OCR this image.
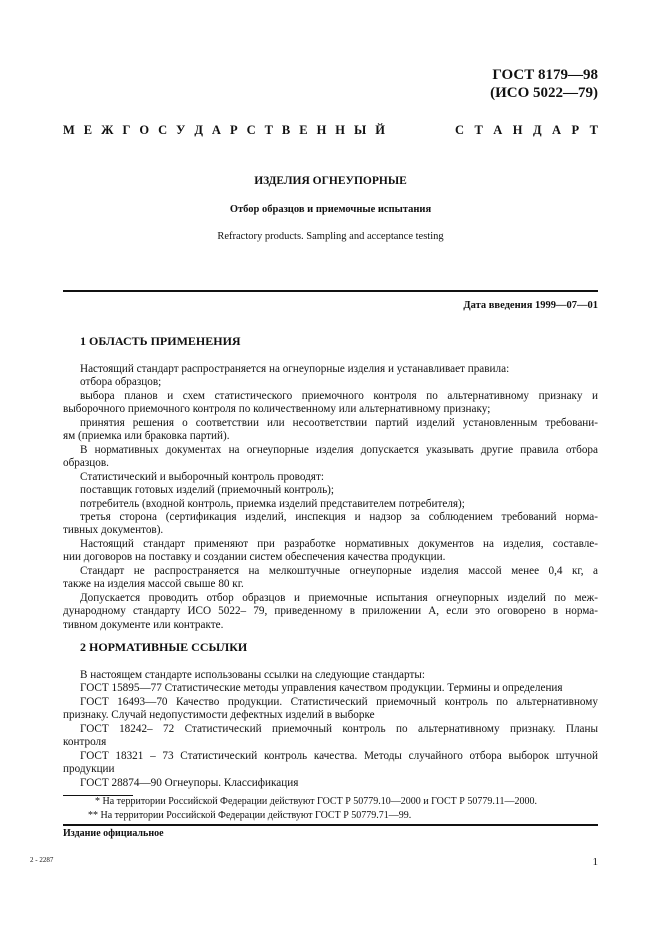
ГОСТ 8179—98
(ИСО 5022—79)
М Е Ж Г О С У Д А Р С Т В Е Н Н Ы Й	С Т А Н Д А Р Т
ИЗДЕЛИЯ ОГНЕУПОРНЫЕ
Отбор образцов и приемочные испытания
Refractory products. Sampling and acceptance testing
Дата введения 1999—07—01
1 ОБЛАСТЬ ПРИМЕНЕНИЯ
Настоящий стандарт распространяется на огнеупорные изделия и устанавливает правила:
отбора образцов;
выбора планов и схем статистического приемочного контроля по альтернативному признаку и
выборочного приемочного контроля по количественному или альтернативному признаку;
принятия решения о соответствии или несоответствии партий изделий установленным требовани-
ям (приемка или браковка партий).
В нормативных документах на огнеупорные изделия допускается указывать другие правила отбора
образцов.
Статистический и выборочный контроль проводят:
поставщик готовых изделий (приемочный контроль);
потребитель (входной контроль, приемка изделий представителем потребителя);
третья сторона (сертификация изделий, инспекция и надзор за соблюдением требований норма-
тивных документов).
Настоящий стандарт применяют при разработке нормативных документов на изделия, составле-
нии договоров на поставку и создании систем обеспечения качества продукции.
Стандарт не распространяется на мелкоштучные огнеупорные изделия массой менее 0,4 кг, а
также на изделия массой свыше 80 кг.
Допускается проводить отбор образцов и приемочные испытания огнеупорных изделий по меж-
дународному стандарту ИСО 5022– 79, приведенному в приложении А, если это оговорено в норма-
тивном документе или контракте.
2 НОРМАТИВНЫЕ ССЫЛКИ
В настоящем стандарте использованы ссылки на следующие стандарты:
ГОСТ 15895—77 Статистические методы управления качеством продукции. Термины и определения
ГОСТ 16493—70 Качество продукции. Статистический приемочный контроль по альтернативному
признаку. Случай недопустимости дефектных изделий в выборке
ГОСТ 18242– 72 Статистический приемочный контроль по альтернативному признаку. Планы
контроля
ГОСТ 18321 – 73 Статистический контроль качества. Методы случайного отбора выборок штучной
продукции
ГОСТ 28874—90 Огнеупоры. Классификация
* На территории Российской Федерации действуют ГОСТ Р 50779.10—2000 и ГОСТ Р 50779.11—2000.
** На территории Российской Федерации действуют ГОСТ Р 50779.71—99.
Издание официальное
2 - 2287	1
